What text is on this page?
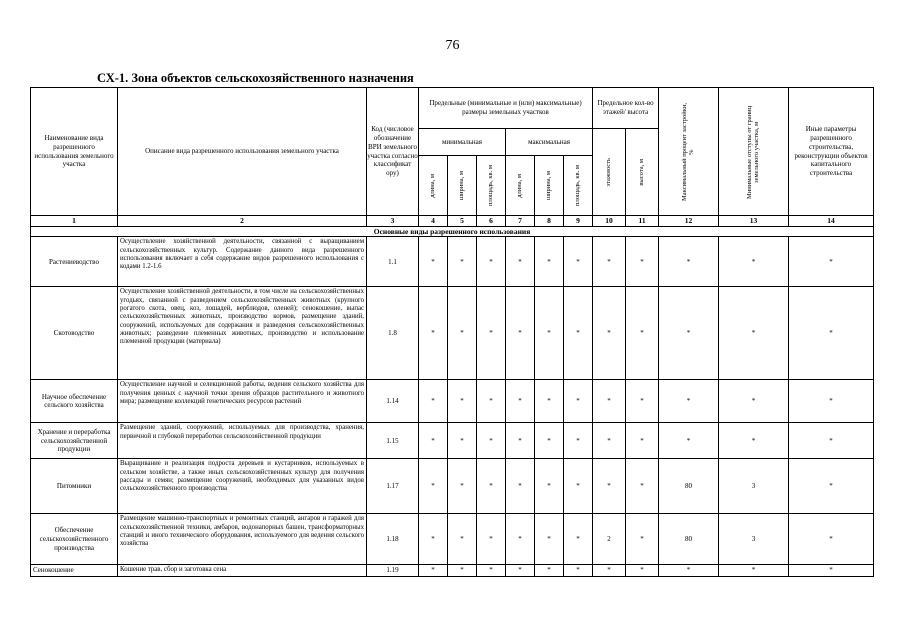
76
СХ-1. Зона объектов сельскохозяйственного назначения
Наименование вида разрешенного использования земельного участка	Описание вида разрешенного использования земельного участка	Код (числовое обозначение ВРИ земельного участка согласно классификат ору)	Предельные (минимальные и (или) максимальные) размеры земельных участков						Предельное кол-во этажей/ высота		Максимальный процент застройки, %	Минимальные отступы от границ земельного участка, м	Иные параметры разрешенного строительства, реконструкции объектов капитального строительства
			минимальная			максимальная			этажность	высота, м			

			длина, м	ширина, м	площадь, кв. м	длина, м	ширина, м	площадь, кв. м					

1	2	3	4	5	6	7	8	9	10	11	12	13	14
Основные виды разрешенного использования													
Растениеводство	Осуществление хозяйственной деятельности, связанной с выращиванием сельскохозяйственных культур. Содержание данного вида разрешенного использования включает в себя содержание видов разрешенного использования с кодами 1.2-1.6	1.1	*	*	*	*	*	*	*	*	*	*	*
Скотоводство	Осуществление хозяйственной деятельности, в том числе на сельскохозяйственных угодьях, связанной с разведением сельскохозяйственных животных (крупного рогатого скота, овец, коз, лошадей, верблюдов, оленей); сенокошение, выпас сельскохозяйственных животных, производство кормов, размещение зданий, сооружений, используемых для содержания и разведения сельскохозяйственных животных; разведение племенных животных, производство и использование племенной продукции (материала)	1.8	*	*	*	*	*	*	*	*	*	*	*
Научное обеспечение сельского хозяйства	Осуществление научной и селекционной работы, ведения сельского хозяйства для получения ценных с научной точки зрения образцов растительного и животного мира; размещение коллекций генетических ресурсов растений	1.14	*	*	*	*	*	*	*	*	*	*	*
Хранение и переработка сельскохозяйственной продукции	Размещение зданий, сооружений, используемых для производства, хранения, первичной и глубокой переработки сельскохозяйственной продукции	1.15	*	*	*	*	*	*	*	*	*	*	*
Питомники	Выращивание и реализация подроста деревьев и кустарников, используемых в сельском хозяйстве, а также иных сельскохозяйственных культур для получения рассады и семян; размещение сооружений, необходимых для указанных видов сельскохозяйственного производства	1.17	*	*	*	*	*	*	*	*	80	3	*
Обеспечение сельскохозяйственного производства	Размещение машинно-транспортных и ремонтных станций, ангаров и гаражей для сельскохозяйственной техники, амбаров, водонапорных башен, трансформаторных станций и иного технического оборудования, используемого для ведения сельского хозяйства	1.18	*	*	*	*	*	*	2	*	80	3	*
Сенокошение	Кошение трав, сбор и заготовка сена	1.19	*	*	*	*	*	*	*	*	*	*	*
